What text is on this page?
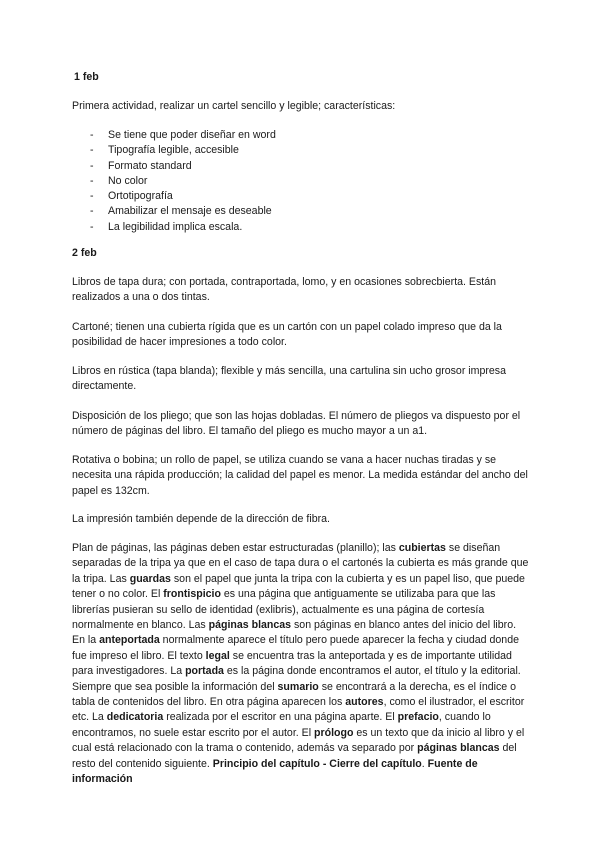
1 feb
Primera actividad, realizar un cartel sencillo y legible; características:
- Se tiene que poder diseñar en word
- Tipografía legible, accesible
- Formato standard
- No color
- Ortotipografía
- Amabilizar el mensaje es deseable
- La legibilidad implica escala.
2 feb

Libros de tapa dura; con portada, contraportada, lomo, y en ocasiones sobrecbierta. Están realizados a una o dos tintas.

Cartoné; tienen una cubierta rígida que es un cartón con un papel colado impreso que da la posibilidad de hacer impresiones a todo color.

Libros en rústica (tapa blanda); flexible y más sencilla, una cartulina sin ucho grosor impresa directamente.

Disposición de los pliego; que son las hojas dobladas. El número de pliegos va dispuesto por el número de páginas del libro. El tamaño del pliego es mucho mayor a un a1.

Rotativa o bobina; un rollo de papel, se utiliza cuando se vana a hacer nuchas tiradas y se necesita una rápida producción; la calidad del papel es menor. La medida estándar del ancho del papel es 132cm.

La impresión también depende de la dirección de fibra.

Plan de páginas, las páginas deben estar estructuradas (planillo); las cubiertas se diseñan separadas de la tripa ya que en el caso de tapa dura o el cartonés la cubierta es más grande que la tripa. Las guardas son el papel que junta la tripa con la cubierta y es un papel liso, que puede tener o no color. El frontispicio es una página que antiguamente se utilizaba para que las librerías pusieran su sello de identidad (exlibris), actualmente es una página de cortesía normalmente en blanco. Las páginas blancas son páginas en blanco antes del inicio del libro. En la anteportada normalmente aparece el título pero puede aparecer la fecha y ciudad donde fue impreso el libro. El texto legal se encuentra tras la anteportada y es de importante utilidad para investigadores. La portada es la página donde encontramos el autor, el título y la editorial. Siempre que sea posible la información del sumario se encontrará a la derecha, es el índice o tabla de contenidos del libro. En otra página aparecen los autores, como el ilustrador, el escritor etc. La dedicatoria realizada por el escritor en una página aparte. El prefacio, cuando lo encontramos, no suele estar escrito por el autor. El prólogo es un texto que da inicio al libro y el cual está relacionado con la trama o contenido, además va separado por páginas blancas del resto del contenido siguiente. Principio del capítulo - Cierre del capítulo. Fuente de información
